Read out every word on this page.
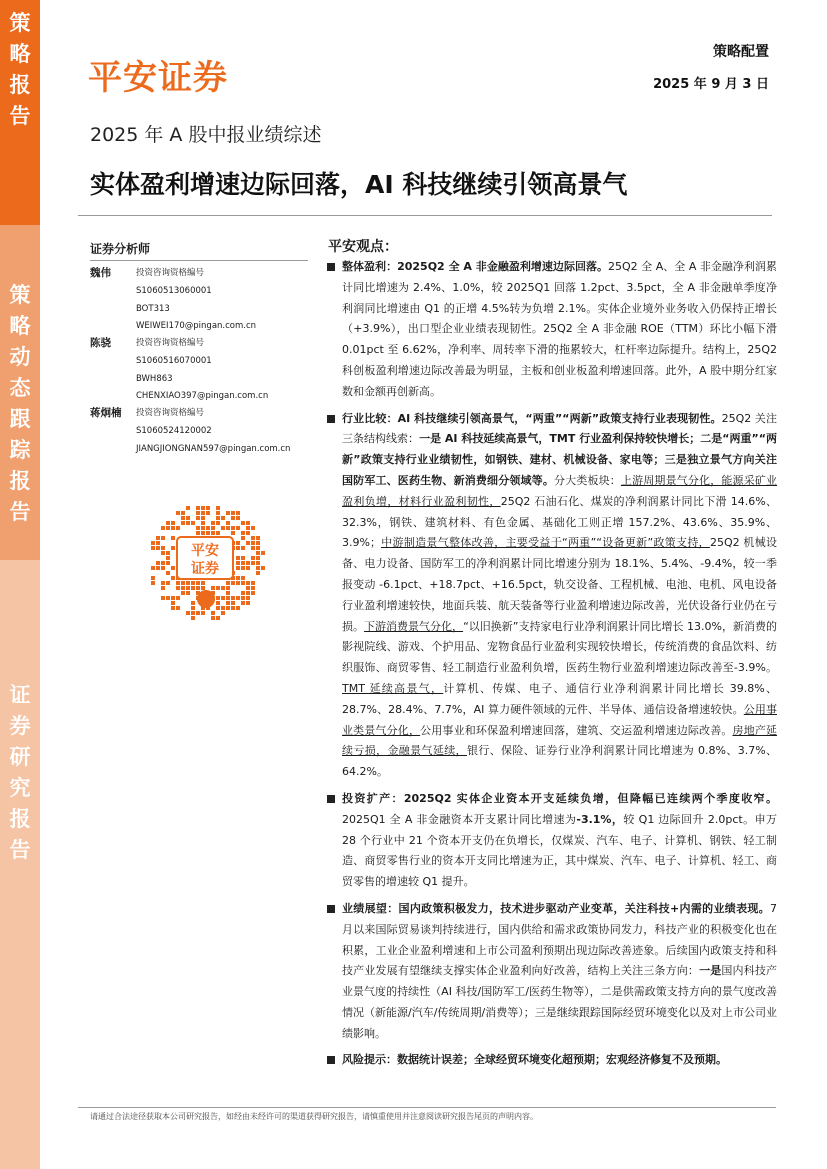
策
略
报
告
策
略
动
态
跟
踪
报
告
证
券
研
究
报
告
平安证券
策略配置
2025 年 9 月 3 日
2025 年 A 股中报业绩综述
实体盈利增速边际回落，AI 科技继续引领高景气
证券分析师
魏伟	投资咨询资格编号
S1060513060001
BOT313
WEIWEI170@pingan.com.cn
陈骁	投资咨询资格编号
S1060516070001
BWH863
CHENXIAO397@pingan.com.cn
蒋炯楠 投资咨询资格编号
S1060524120002
JIANGJIONGNAN597@pingan.com.cn
平安
证券
平安观点：
整体盈利：2025Q2 全 A 非金融盈利增速边际回落。25Q2 全 A、全 A 非金融净利润累计同比增速为 2.4%、1.0%，较 2025Q1 回落 1.2pct、3.5pct，全 A 非金融单季度净利润同比增速由 Q1 的正增 4.5%转为负增 2.1%。实体企业境外业务收入仍保持正增长（+3.9%），出口型企业业绩表现韧性。25Q2 全 A 非金融 ROE（TTM）环比小幅下滑 0.01pct 至 6.62%，净利率、周转率下滑的拖累较大，杠杆率边际提升。结构上，25Q2 科创板盈利增速边际改善最为明显，主板和创业板盈利增速回落。此外，A 股中期分红家数和金额再创新高。
行业比较：AI 科技继续引领高景气，“两重”“两新”政策支持行业表现韧性。25Q2 关注三条结构线索：一是 AI 科技延续高景气，TMT 行业盈利保持较快增长；二是“两重”“两新”政策支持行业业绩韧性，如钢铁、建材、机械设备、家电等；三是独立景气方向关注国防军工、医药生物、新消费细分领域等。分大类板块：上游周期景气分化，能源采矿业盈利负增，材料行业盈利韧性，25Q2 石油石化、煤炭的净利润累计同比下滑 14.6%、32.3%，钢铁、建筑材料、有色金属、基础化工则正增 157.2%、43.6%、35.9%、3.9%；中游制造景气整体改善，主要受益于“两重”“设备更新”政策支持，25Q2 机械设备、电力设备、国防军工的净利润累计同比增速分别为 18.1%、5.4%、-9.4%，较一季报变动 -6.1pct、+18.7pct、+16.5pct，轨交设备、工程机械、电池、电机、风电设备行业盈利增速较快，地面兵装、航天装备等行业盈利增速边际改善，光伏设备行业仍在亏损。下游消费景气分化，“以旧换新”支持家电行业净利润累计同比增长 13.0%，新消费的影视院线、游戏、个护用品、宠物食品行业盈利实现较快增长，传统消费的食品饮料、纺织服饰、商贸零售、轻工制造行业盈利负增，医药生物行业盈利增速边际改善至-3.9%。TMT 延续高景气，计算机、传媒、电子、通信行业净利润累计同比增长 39.8%、28.7%、28.4%、7.7%，AI 算力硬件领域的元件、半导体、通信设备增速较快。公用事业类景气分化，公用事业和环保盈利增速回落，建筑、交运盈利增速边际改善。房地产延续亏损，金融景气延续，银行、保险、证券行业净利润累计同比增速为 0.8%、3.7%、64.2%。
投资扩产：2025Q2 实体企业资本开支延续负增，但降幅已连续两个季度收窄。2025Q1 全 A 非金融资本开支累计同比增速为-3.1%，较 Q1 边际回升 2.0pct。申万 28 个行业中 21 个资本开支仍在负增长，仅煤炭、汽车、电子、计算机、钢铁、轻工制造、商贸零售行业的资本开支同比增速为正，其中煤炭、汽车、电子、计算机、轻工、商贸零售的增速较 Q1 提升。
业绩展望：国内政策积极发力，技术进步驱动产业变革，关注科技+内需的业绩表现。7 月以来国际贸易谈判持续进行，国内供给和需求政策协同发力，科技产业的积极变化也在积累，工业企业盈利增速和上市公司盈利预期出现边际改善迹象。后续国内政策支持和科技产业发展有望继续支撑实体企业盈利向好改善，结构上关注三条方向：一是国内科技产业景气度的持续性（AI 科技/国防军工/医药生物等），二是供需政策支持方向的景气度改善情况（新能源/汽车/传统周期/消费等）；三是继续跟踪国际经贸环境变化以及对上市公司业绩影响。
风险提示：数据统计误差；全球经贸环境变化超预期；宏观经济修复不及预期。
请通过合法途径获取本公司研究报告，如经由未经许可的渠道获得研究报告，请慎重使用并注意阅读研究报告尾页的声明内容。
